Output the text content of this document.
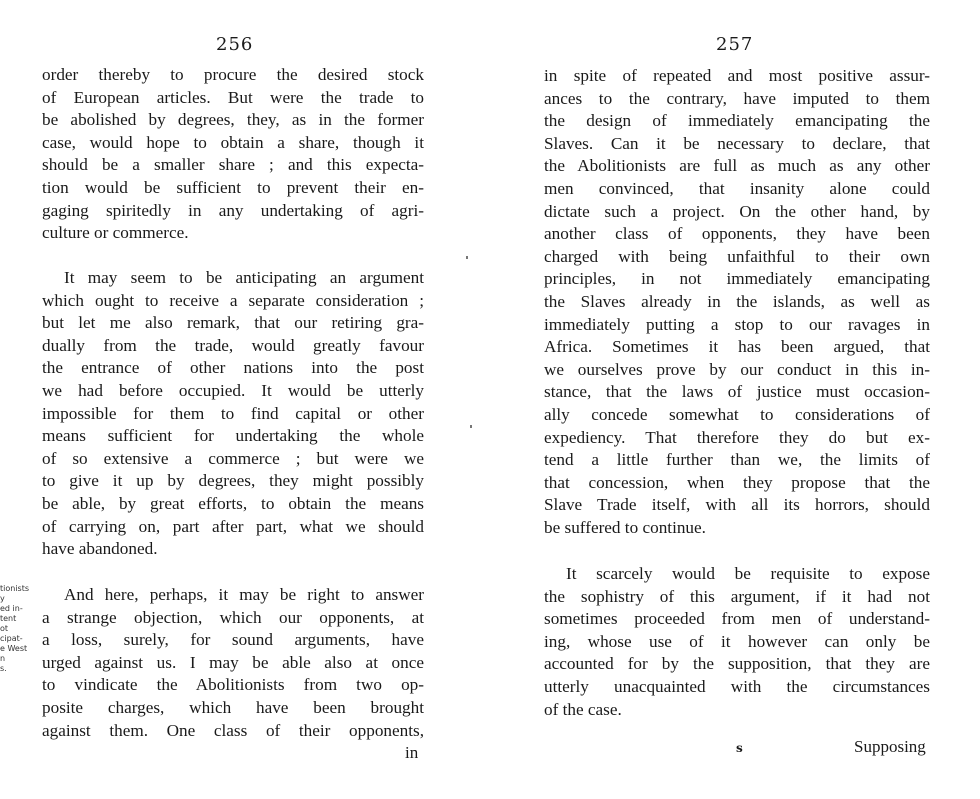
256
order thereby to procure the desired stock
of European articles. But were the trade to
be abolished by degrees, they, as in the former
case, would hope to obtain a share, though it
should be a smaller share ; and this expecta-
tion would be sufficient to prevent their en-
gaging spiritedly in any undertaking of agri-
culture or commerce.
It may seem to be anticipating an argument
which ought to receive a separate consideration ;
but let me also remark, that our retiring gra-
dually from the trade, would greatly favour
the entrance of other nations into the post
we had before occupied. It would be utterly
impossible for them to find capital or other
means sufficient for undertaking the whole
of so extensive a commerce ; but were we
to give it up by degrees, they might possibly
be able, by great efforts, to obtain the means
of carrying on, part after part, what we should
have abandoned.
tionists
y
ed in-
tent
ot
cipat-
e West
n
s.
And here, perhaps, it may be right to answer
a strange objection, which our opponents, at
a loss, surely, for sound arguments, have
urged against us. I may be able also at once
to vindicate the Abolitionists from two op-
posite charges, which have been brought
against them. One class of their opponents,
in
257
in spite of repeated and most positive assur-
ances to the contrary, have imputed to them
the design of immediately emancipating the
Slaves. Can it be necessary to declare, that
the Abolitionists are full as much as any other
men convinced, that insanity alone could
dictate such a project. On the other hand, by
another class of opponents, they have been
charged with being unfaithful to their own
principles, in not immediately emancipating
the Slaves already in the islands, as well as
immediately putting a stop to our ravages in
Africa. Sometimes it has been argued, that
we ourselves prove by our conduct in this in-
stance, that the laws of justice must occasion-
ally concede somewhat to considerations of
expediency. That therefore they do but ex-
tend a little further than we, the limits of
that concession, when they propose that the
Slave Trade itself, with all its horrors, should
be suffered to continue.
It scarcely would be requisite to expose
the sophistry of this argument, if it had not
sometimes proceeded from men of understand-
ing, whose use of it however can only be
accounted for by the supposition, that they are
utterly unacquainted with the circumstances
of the case.
s	Supposing
